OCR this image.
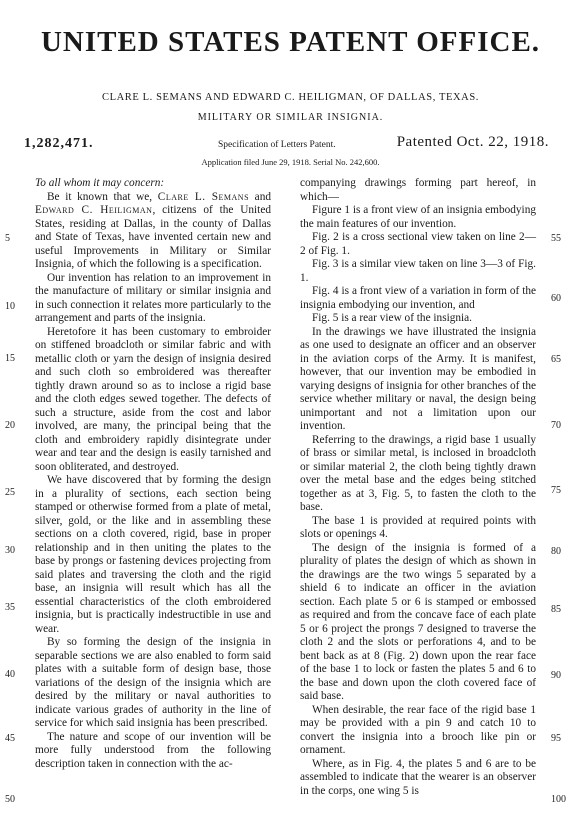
UNITED STATES PATENT OFFICE.
CLARE L. SEMANS AND EDWARD C. HEILIGMAN, OF DALLAS, TEXAS.
MILITARY OR SIMILAR INSIGNIA.
1,282,471.	Specification of Letters Patent.	Patented Oct. 22, 1918.
Application filed June 29, 1918. Serial No. 242,600.

To all whom it may concern:

Be it known that we, Clare L. Semans and Edward C. Heiligman, citizens of the United States, residing at Dallas, in the county of Dallas and State of Texas, have invented certain new and useful Improvements in Military or Similar Insignia, of which the following is a specification.

Our invention has relation to an improvement in the manufacture of military or similar insignia and in such connection it relates more particularly to the arrangement and parts of the insignia.

Heretofore it has been customary to embroider on stiffened broadcloth or similar fabric and with metallic cloth or yarn the design of insignia desired and such cloth so embroidered was thereafter tightly drawn around so as to inclose a rigid base and the cloth edges sewed together. The defects of such a structure, aside from the cost and labor involved, are many, the principal being that the cloth and embroidery rapidly disintegrate under wear and tear and the design is easily tarnished and soon obliterated, and destroyed.

We have discovered that by forming the design in a plurality of sections, each section being stamped or otherwise formed from a plate of metal, silver, gold, or the like and in assembling these sections on a cloth covered, rigid, base in proper relationship and in then uniting the plates to the base by prongs or fastening devices projecting from said plates and traversing the cloth and the rigid base, an insignia will result which has all the essential characteristics of the cloth embroidered insignia, but is practically indestructible in use and wear.

By so forming the design of the insignia in separable sections we are also enabled to form said plates with a suitable form of design base, those variations of the design of the insignia which are desired by the military or naval authorities to indicate various grades of authority in the line of service for which said insignia has been prescribed.

The nature and scope of our invention will be more fully understood from the following description taken in connection with the ac-

companying drawings forming part hereof, in which—

Figure 1 is a front view of an insignia embodying the main features of our invention.

Fig. 2 is a cross sectional view taken on line 2—2 of Fig. 1.

Fig. 3 is a similar view taken on line 3—3 of Fig. 1.

Fig. 4 is a front view of a variation in form of the insignia embodying our invention, and

Fig. 5 is a rear view of the insignia.

In the drawings we have illustrated the insignia as one used to designate an officer and an observer in the aviation corps of the Army. It is manifest, however, that our invention may be embodied in varying designs of insignia for other branches of the service whether military or naval, the design being unimportant and not a limitation upon our invention.

Referring to the drawings, a rigid base 1 usually of brass or similar metal, is inclosed in broadcloth or similar material 2, the cloth being tightly drawn over the metal base and the edges being stitched together as at 3, Fig. 5, to fasten the cloth to the base.

The base 1 is provided at required points with slots or openings 4.

The design of the insignia is formed of a plurality of plates the design of which as shown in the drawings are the two wings 5 separated by a shield 6 to indicate an officer in the aviation section. Each plate 5 or 6 is stamped or embossed as required and from the concave face of each plate 5 or 6 project the prongs 7 designed to traverse the cloth 2 and the slots or perforations 4, and to be bent back as at 8 (Fig. 2) down upon the rear face of the base 1 to lock or fasten the plates 5 and 6 to the base and down upon the cloth covered face of said base.

When desirable, the rear face of the rigid base 1 may be provided with a pin 9 and catch 10 to convert the insignia into a brooch like pin or ornament.

Where, as in Fig. 4, the plates 5 and 6 are to be assembled to indicate that the wearer is an observer in the corps, one wing 5 is

5
10
15
20
25
30
35
40
45
50
55
60
65
70
75
80
85
90
95
100
